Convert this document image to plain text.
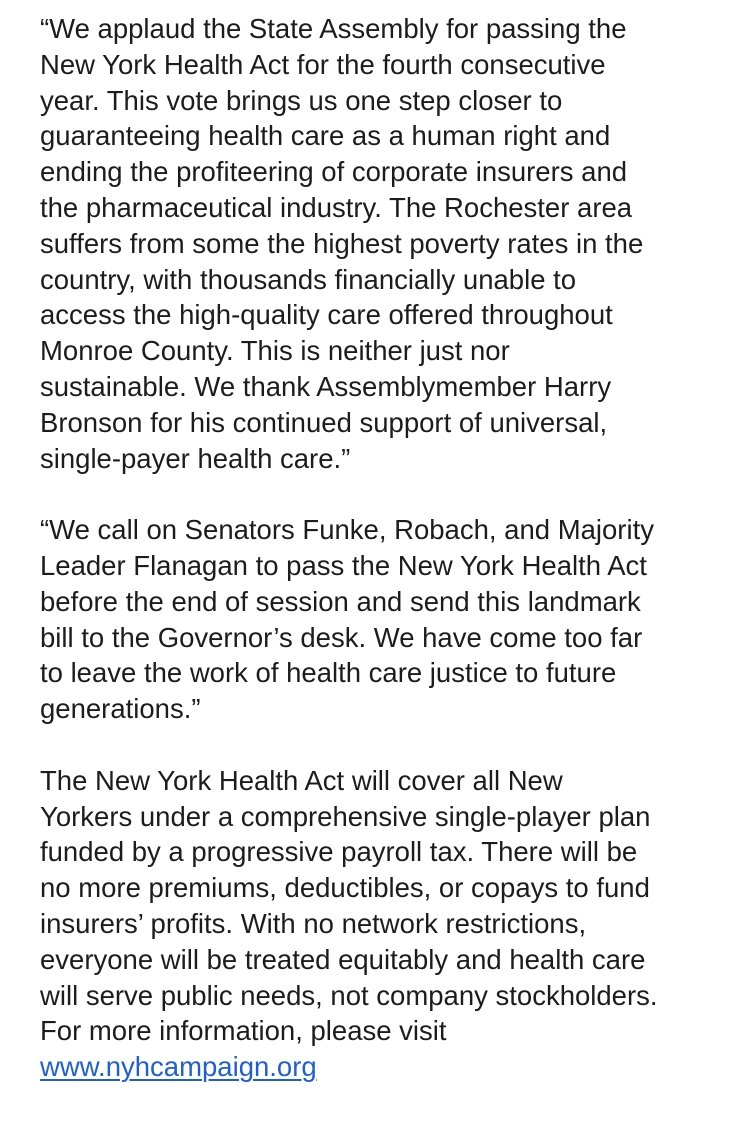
“We applaud the State Assembly for passing the
New York Health Act for the fourth consecutive
year. This vote brings us one step closer to
guaranteeing health care as a human right and
ending the profiteering of corporate insurers and
the pharmaceutical industry. The Rochester area
suffers from some the highest poverty rates in the
country, with thousands financially unable to
access the high-quality care offered throughout
Monroe County. This is neither just nor
sustainable. We thank Assemblymember Harry
Bronson for his continued support of universal,
single-payer health care.”

“We call on Senators Funke, Robach, and Majority
Leader Flanagan to pass the New York Health Act
before the end of session and send this landmark
bill to the Governor’s desk. We have come too far
to leave the work of health care justice to future
generations.”

The New York Health Act will cover all New
Yorkers under a comprehensive single-player plan
funded by a progressive payroll tax. There will be
no more premiums, deductibles, or copays to fund
insurers’ profits. With no network restrictions,
everyone will be treated equitably and health care
will serve public needs, not company stockholders.
For more information, please visit
www.nyhcampaign.org
